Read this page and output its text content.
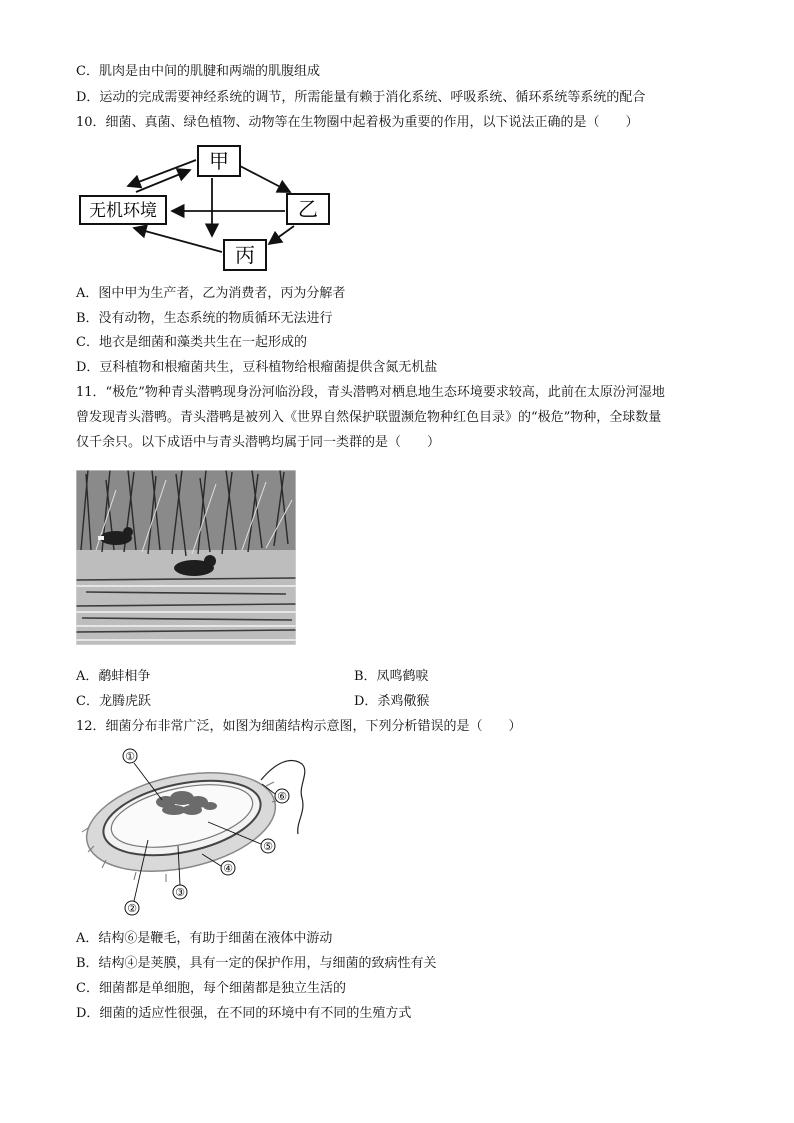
C．肌肉是由中间的肌腱和两端的肌腹组成
D．运动的完成需要神经系统的调节，所需能量有赖于消化系统、呼吸系统、循环系统等系统的配合
10．细菌、真菌、绿色植物、动物等在生物圈中起着极为重要的作用，以下说法正确的是（　　）
甲
乙
丙
无机环境
A．图中甲为生产者，乙为消费者，丙为分解者
B．没有动物，生态系统的物质循环无法进行
C．地衣是细菌和藻类共生在一起形成的
D．豆科植物和根瘤菌共生，豆科植物给根瘤菌提供含氮无机盐
11．“极危”物种青头潜鸭现身汾河临汾段，青头潜鸭对栖息地生态环境要求较高，此前在太原汾河湿地
曾发现青头潜鸭。青头潜鸭是被列入《世界自然保护联盟濒危物种红色目录》的“极危”物种，全球数量
仅千余只。以下成语中与青头潜鸭均属于同一类群的是（　　）
A．鹬蚌相争	B．凤鸣鹤唳
C．龙腾虎跃	D．杀鸡儆猴
12．细菌分布非常广泛，如图为细菌结构示意图，下列分析错误的是（　　）
①
②
③
④
⑤
⑥
A．结构⑥是鞭毛，有助于细菌在液体中游动
B．结构④是荚膜，具有一定的保护作用，与细菌的致病性有关
C．细菌都是单细胞，每个细菌都是独立生活的
D．细菌的适应性很强，在不同的环境中有不同的生殖方式
